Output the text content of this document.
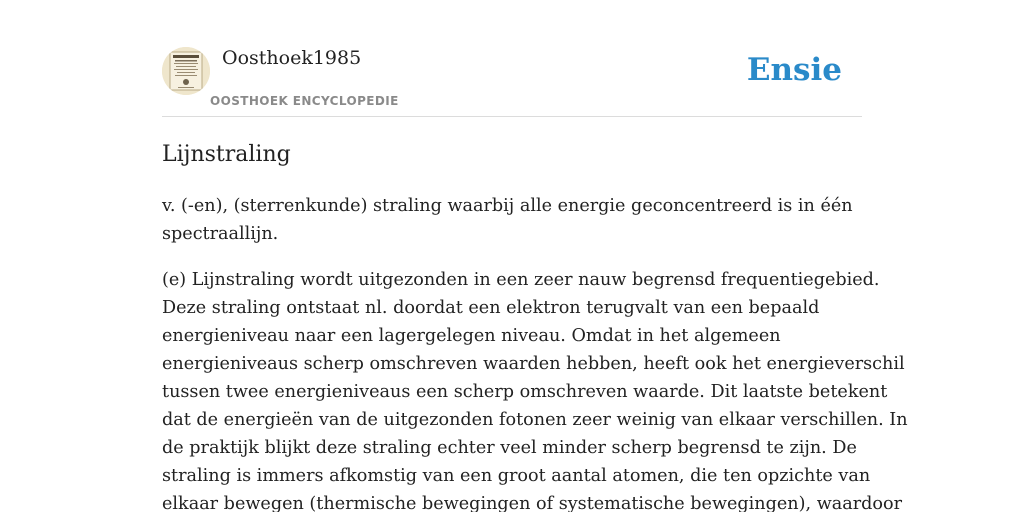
Oosthoek1985
OOSTHOEK ENCYCLOPEDIE
Ensie
Lijnstraling

v. (-en), (sterrenkunde) straling waarbij alle energie geconcentreerd is in één
spectraallijn.

(e) Lijnstraling wordt uitgezonden in een zeer nauw begrensd frequentiegebied.
Deze straling ontstaat nl. doordat een elektron terugvalt van een bepaald
energieniveau naar een lagergelegen niveau. Omdat in het algemeen
energieniveaus scherp omschreven waarden hebben, heeft ook het energieverschil
tussen twee energieniveaus een scherp omschreven waarde. Dit laatste betekent
dat de energieën van de uitgezonden fotonen zeer weinig van elkaar verschillen. In
de praktijk blijkt deze straling echter veel minder scherp begrensd te zijn. De
straling is immers afkomstig van een groot aantal atomen, die ten opzichte van
elkaar bewegen (thermische bewegingen of systematische bewegingen), waardoor
